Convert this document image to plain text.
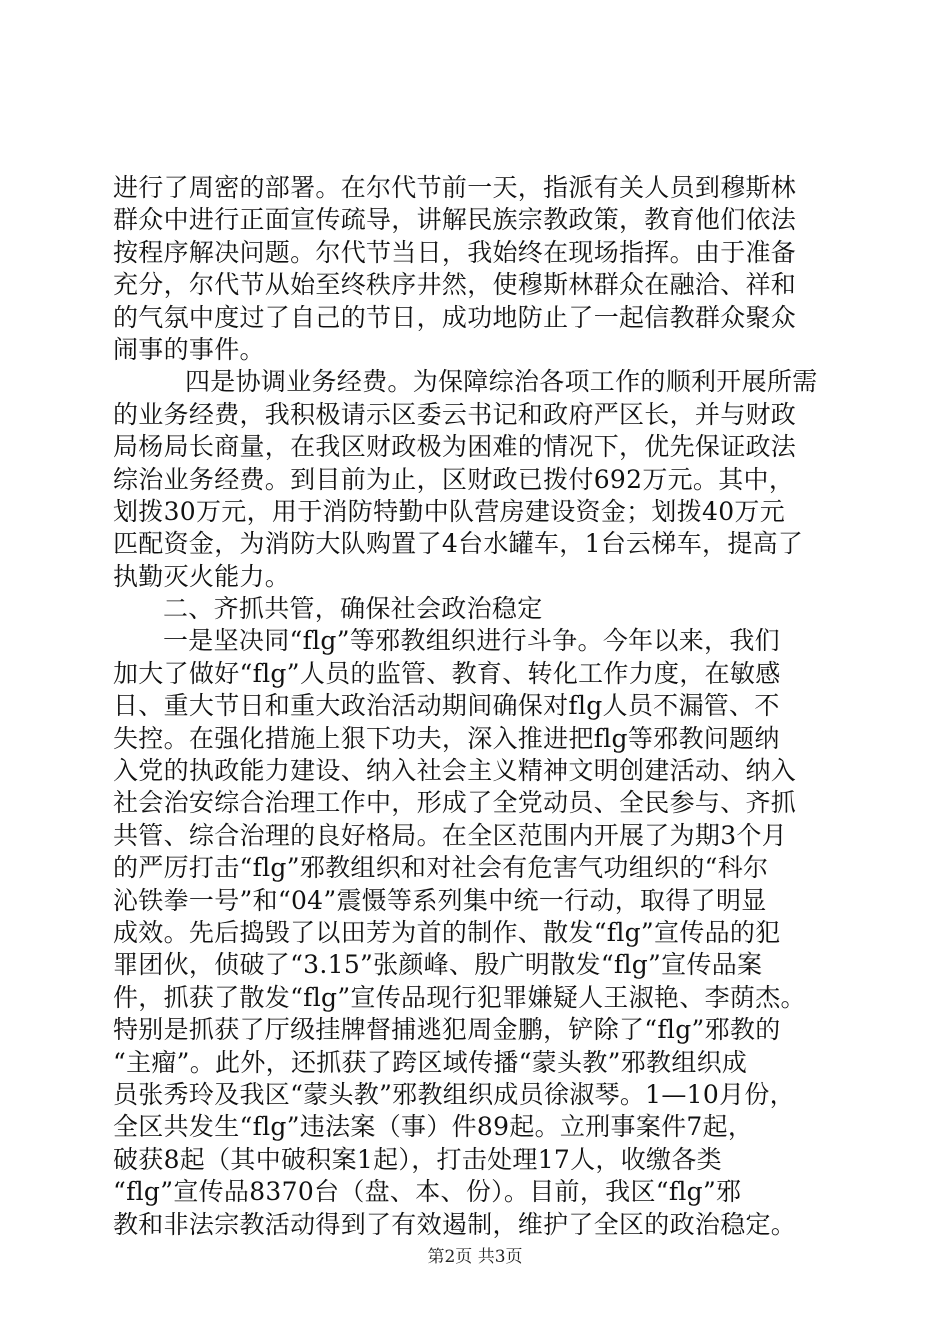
进行了周密的部署。在尔代节前一天，指派有关人员到穆斯林
群众中进行正面宣传疏导，讲解民族宗教政策，教育他们依法
按程序解决问题。尔代节当日，我始终在现场指挥。由于准备
充分，尔代节从始至终秩序井然，使穆斯林群众在融洽、祥和
的气氛中度过了自己的节日，成功地防止了一起信教群众聚众
闹事的事件。
四是协调业务经费。为保障综治各项工作的顺利开展所需
的业务经费，我积极请示区委云书记和政府严区长，并与财政
局杨局长商量，在我区财政极为困难的情况下，优先保证政法
综治业务经费。到目前为止，区财政已拨付692万元。其中，
划拨30万元，用于消防特勤中队营房建设资金；划拨40万元
匹配资金，为消防大队购置了4台水罐车，1台云梯车，提高了
执勤灭火能力。
二、齐抓共管，确保社会政治稳定
一是坚决同“flg”等邪教组织进行斗争。今年以来，我们
加大了做好“flg”人员的监管、教育、转化工作力度，在敏感
日、重大节日和重大政治活动期间确保对flg人员不漏管、不
失控。在强化措施上狠下功夫，深入推进把flg等邪教问题纳
入党的执政能力建设、纳入社会主义精神文明创建活动、纳入
社会治安综合治理工作中，形成了全党动员、全民参与、齐抓
共管、综合治理的良好格局。在全区范围内开展了为期3个月
的严厉打击“flg”邪教组织和对社会有危害气功组织的“科尔
沁铁拳一号”和“04”震慑等系列集中统一行动，取得了明显
成效。先后捣毁了以田芳为首的制作、散发“flg”宣传品的犯
罪团伙，侦破了“3.15”张颜峰、殷广明散发“flg”宣传品案
件，抓获了散发“flg”宣传品现行犯罪嫌疑人王淑艳、李荫杰。
特别是抓获了厅级挂牌督捕逃犯周金鹏，铲除了“flg”邪教的
“主瘤”。此外，还抓获了跨区域传播“蒙头教”邪教组织成
员张秀玲及我区“蒙头教”邪教组织成员徐淑琴。1—10月份，
全区共发生“flg”违法案（事）件89起。立刑事案件7起，
破获8起（其中破积案1起），打击处理17人，收缴各类
“flg”宣传品8370台（盘、本、份）。目前，我区“flg”邪
教和非法宗教活动得到了有效遏制，维护了全区的政治稳定。
第2页 共3页
